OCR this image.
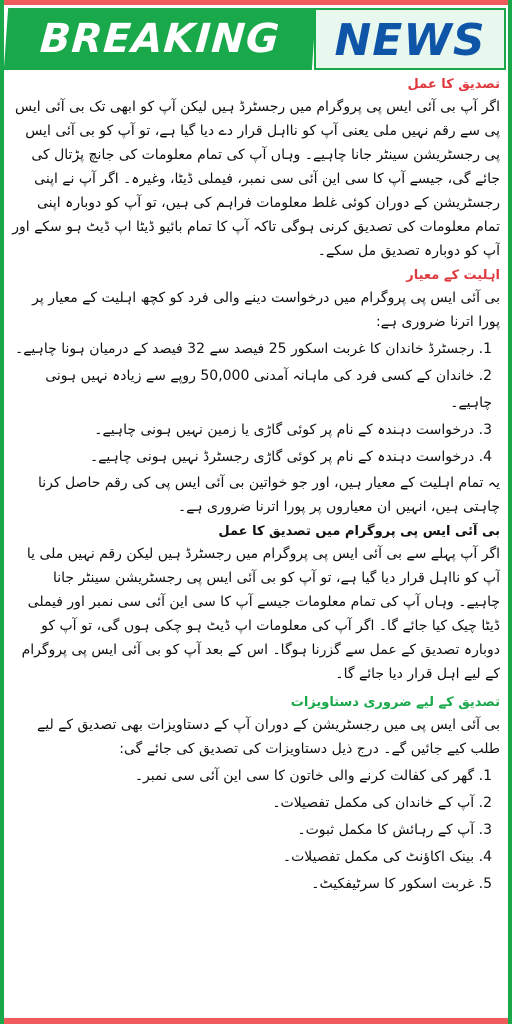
BREAKING	NEWS
تصدیق کا عمل

اگر آپ بی آئی ایس پی پروگرام میں رجسٹرڈ ہیں لیکن آپ کو ابھی تک بی آئی ایس پی سے رقم نہیں ملی یعنی آپ کو نااہل قرار دے دیا گیا ہے، تو آپ کو بی آئی ایس پی رجسٹریشن سینٹر جانا چاہیے۔ وہاں آپ کی تمام معلومات کی جانچ پڑتال کی جائے گی، جیسے آپ کا سی این آئی سی نمبر، فیملی ڈیٹا، وغیرہ۔ اگر آپ نے اپنی رجسٹریشن کے دوران کوئی غلط معلومات فراہم کی ہیں، تو آپ کو دوبارہ اپنی تمام معلومات کی تصدیق کرنی ہوگی تاکہ آپ کا تمام بائیو ڈیٹا اپ ڈیٹ ہو سکے اور آپ کو دوبارہ تصدیق مل سکے۔

اہلیت کے معیار

بی آئی ایس پی پروگرام میں درخواست دینے والی فرد کو کچھ اہلیت کے معیار پر پورا اترنا ضروری ہے:

1. رجسٹرڈ خاندان کا غربت اسکور 25 فیصد سے 32 فیصد کے درمیان ہونا چاہیے۔

2. خاندان کے کسی فرد کی ماہانہ آمدنی 50,000 روپے سے زیادہ نہیں ہونی چاہیے۔

3. درخواست دہندہ کے نام پر کوئی گاڑی یا زمین نہیں ہونی چاہیے۔

4. درخواست دہندہ کے نام پر کوئی گاڑی رجسٹرڈ نہیں ہونی چاہیے۔

یہ تمام اہلیت کے معیار ہیں، اور جو خواتین بی آئی ایس پی کی رقم حاصل کرنا چاہتی ہیں، انہیں ان معیاروں پر پورا اترنا ضروری ہے۔

بی آئی ایس پی پروگرام میں تصدیق کا عمل

اگر آپ پہلے سے بی آئی ایس پی پروگرام میں رجسٹرڈ ہیں لیکن رقم نہیں ملی یا آپ کو نااہل قرار دیا گیا ہے، تو آپ کو بی آئی ایس پی رجسٹریشن سینٹر جانا چاہیے۔ وہاں آپ کی تمام معلومات جیسے آپ کا سی این آئی سی نمبر اور فیملی ڈیٹا چیک کیا جائے گا۔ اگر آپ کی معلومات اپ ڈیٹ ہو چکی ہوں گی، تو آپ کو دوبارہ تصدیق کے عمل سے گزرنا ہوگا۔ اس کے بعد آپ کو بی آئی ایس پی پروگرام کے لیے اہل قرار دیا جائے گا۔

تصدیق کے لیے ضروری دستاویزات

بی آئی ایس پی میں رجسٹریشن کے دوران آپ کے دستاویزات بھی تصدیق کے لیے طلب کیے جائیں گے۔ درج ذیل دستاویزات کی تصدیق کی جائے گی:

1. گھر کی کفالت کرنے والی خاتون کا سی این آئی سی نمبر۔

2. آپ کے خاندان کی مکمل تفصیلات۔

3. آپ کے رہائش کا مکمل ثبوت۔

4. بینک اکاؤنٹ کی مکمل تفصیلات۔

5. غربت اسکور کا سرٹیفکیٹ۔
